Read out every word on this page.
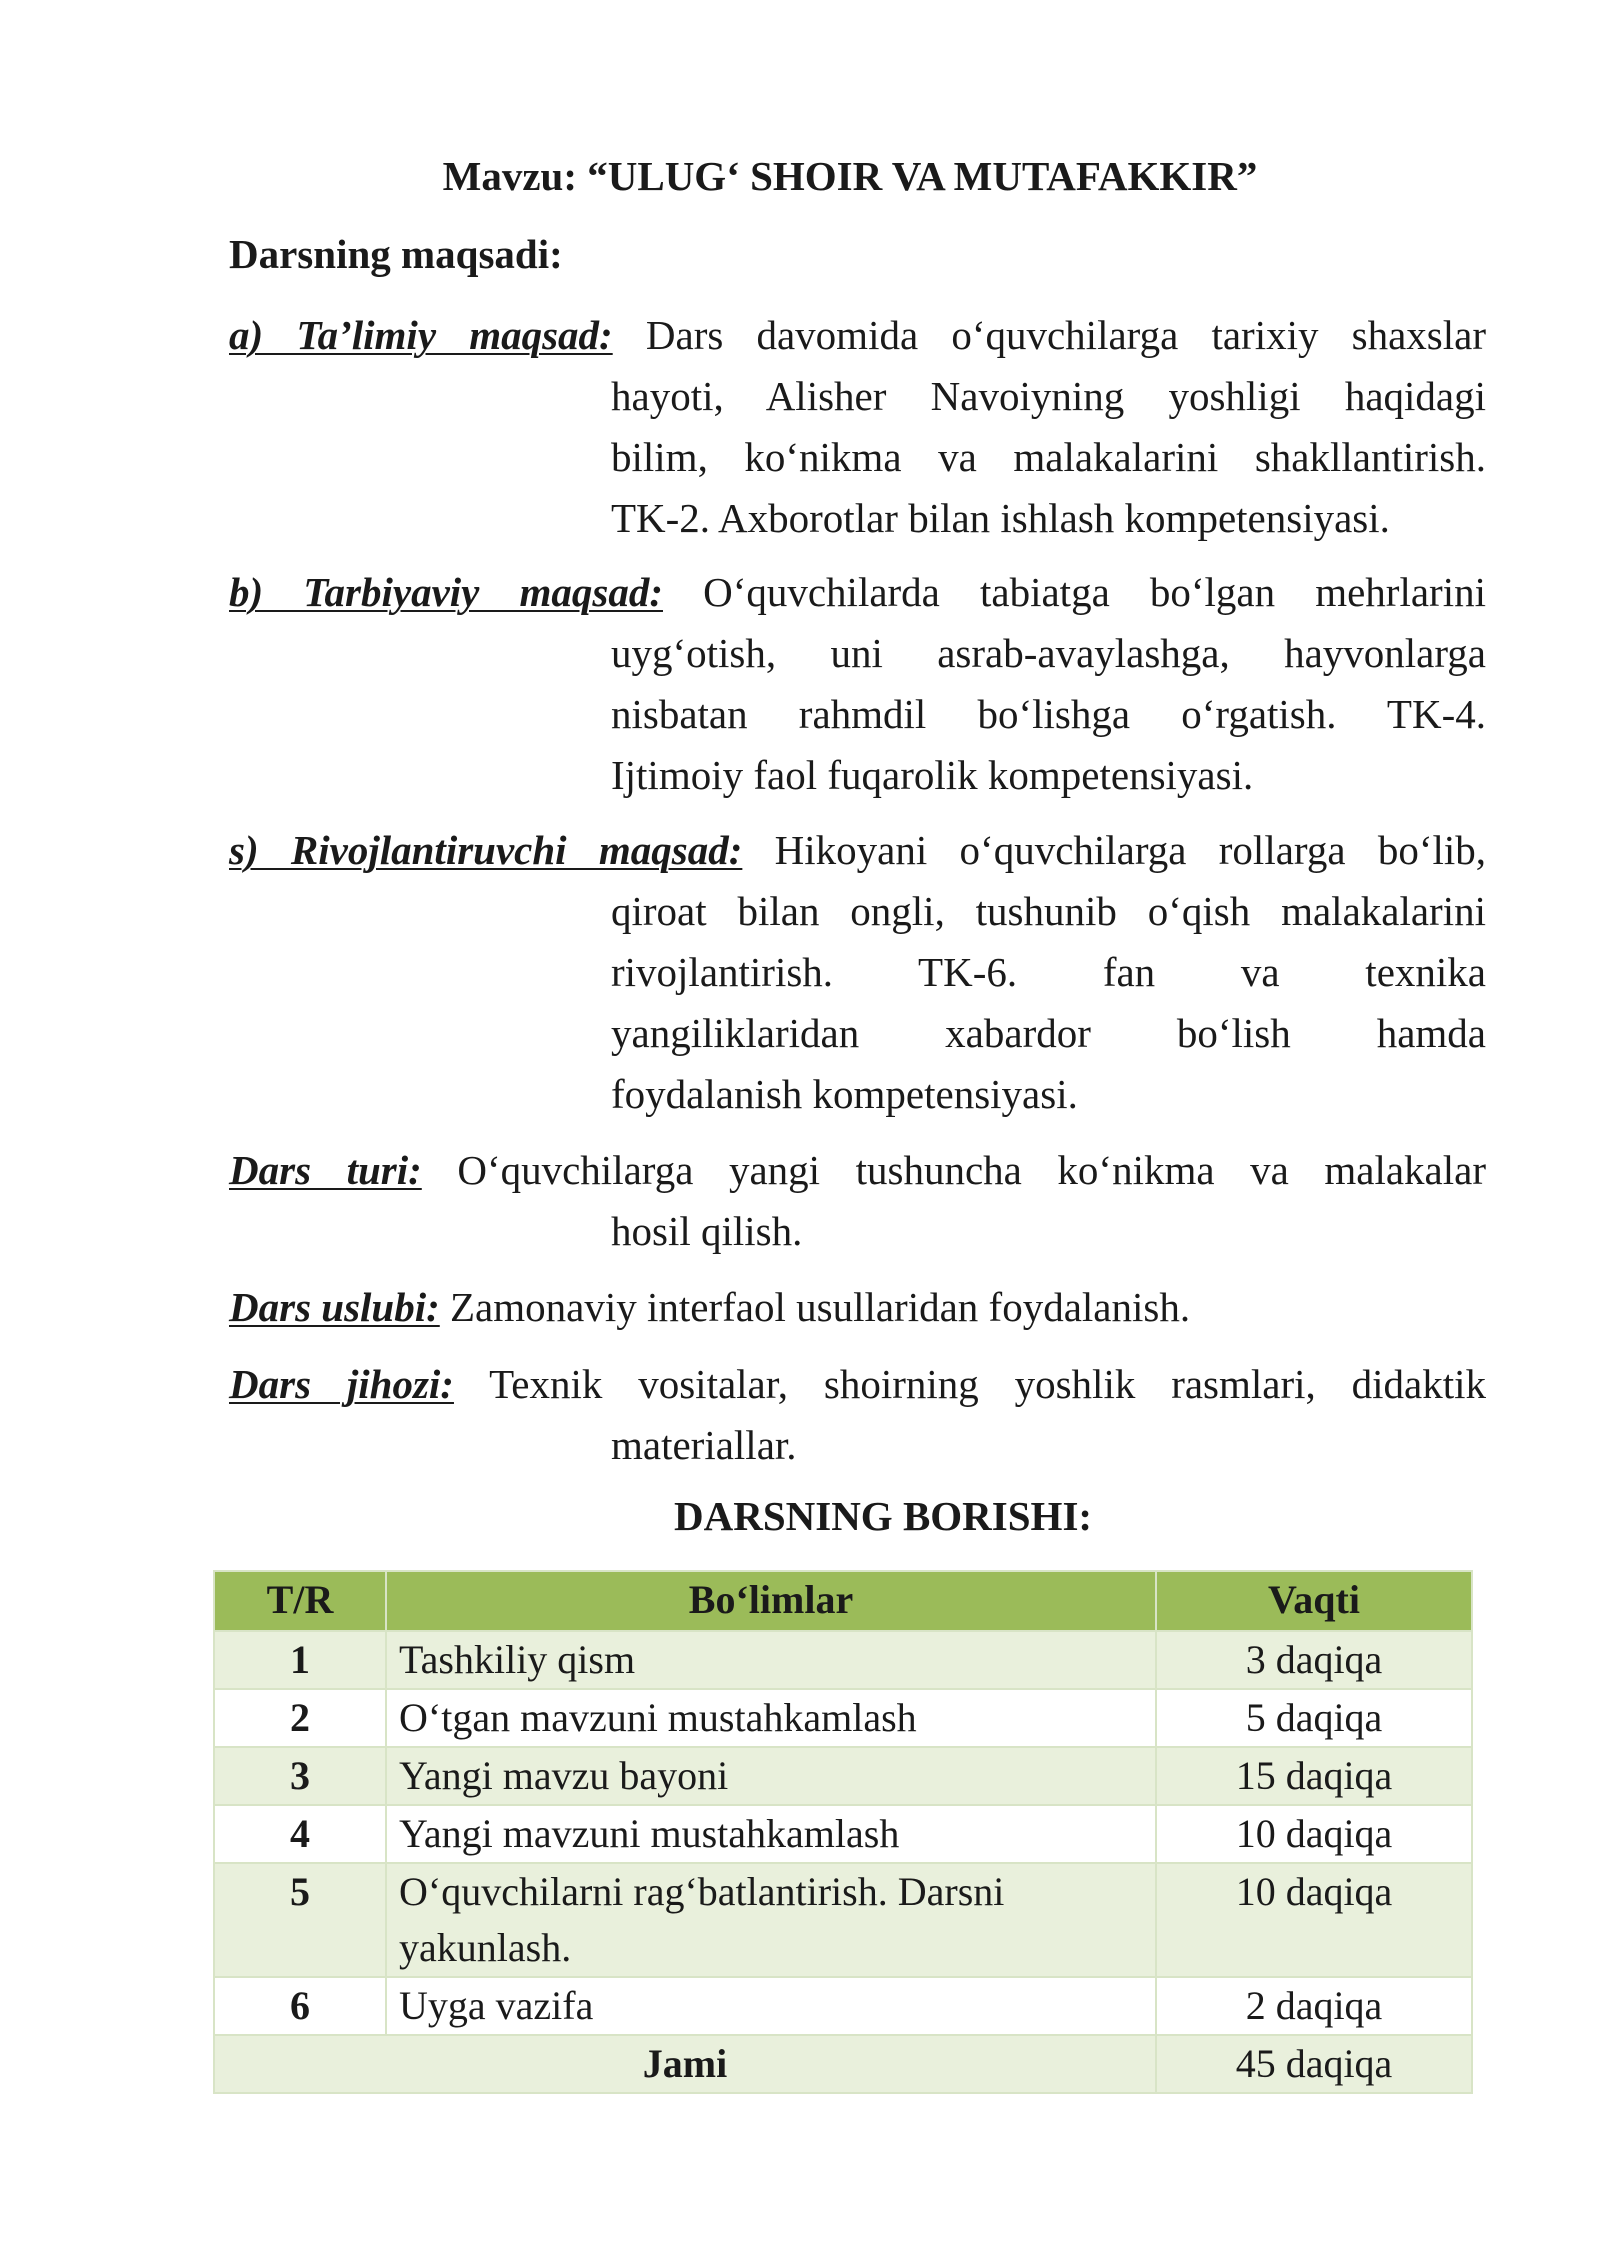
Mavzu: “ULUG‘ SHOIR VA MUTAFAKKIR”
Darsning maqsadi:
a) Ta’limiy maqsad: Dars davomida o‘quvchilarga tarixiy shaxslar
hayoti, Alisher Navoiyning yoshligi haqidagi
bilim, ko‘nikma va malakalarini shakllantirish.
TK-2. Axborotlar bilan ishlash kompetensiyasi.
b) Tarbiyaviy maqsad: O‘quvchilarda tabiatga bo‘lgan mehrlarini
uyg‘otish, uni asrab-avaylashga, hayvonlarga
nisbatan rahmdil bo‘lishga o‘rgatish. TK-4.
Ijtimoiy faol fuqarolik kompetensiyasi.
s) Rivojlantiruvchi maqsad: Hikoyani o‘quvchilarga rollarga bo‘lib,
qiroat bilan ongli, tushunib o‘qish malakalarini
rivojlantirish. TK-6. fan va texnika
yangiliklaridan xabardor bo‘lish hamda
foydalanish kompetensiyasi.
Dars turi: O‘quvchilarga yangi tushuncha ko‘nikma va malakalar
hosil qilish.
Dars uslubi: Zamonaviy interfaol usullaridan foydalanish.
Dars jihozi: Texnik vositalar, shoirning yoshlik rasmlari, didaktik
materiallar.
DARSNING BORISHI:
T/R	Bo‘limlar	Vaqti
1	Tashkiliy qism	3 daqiqa
2	O‘tgan mavzuni mustahkamlash	5 daqiqa
3	Yangi mavzu bayoni	15 daqiqa
4	Yangi mavzuni mustahkamlash	10 daqiqa
5	O‘quvchilarni rag‘batlantirish. Darsni yakunlash.	10 daqiqa
6	Uyga vazifa	2 daqiqa
Jami		45 daqiqa
